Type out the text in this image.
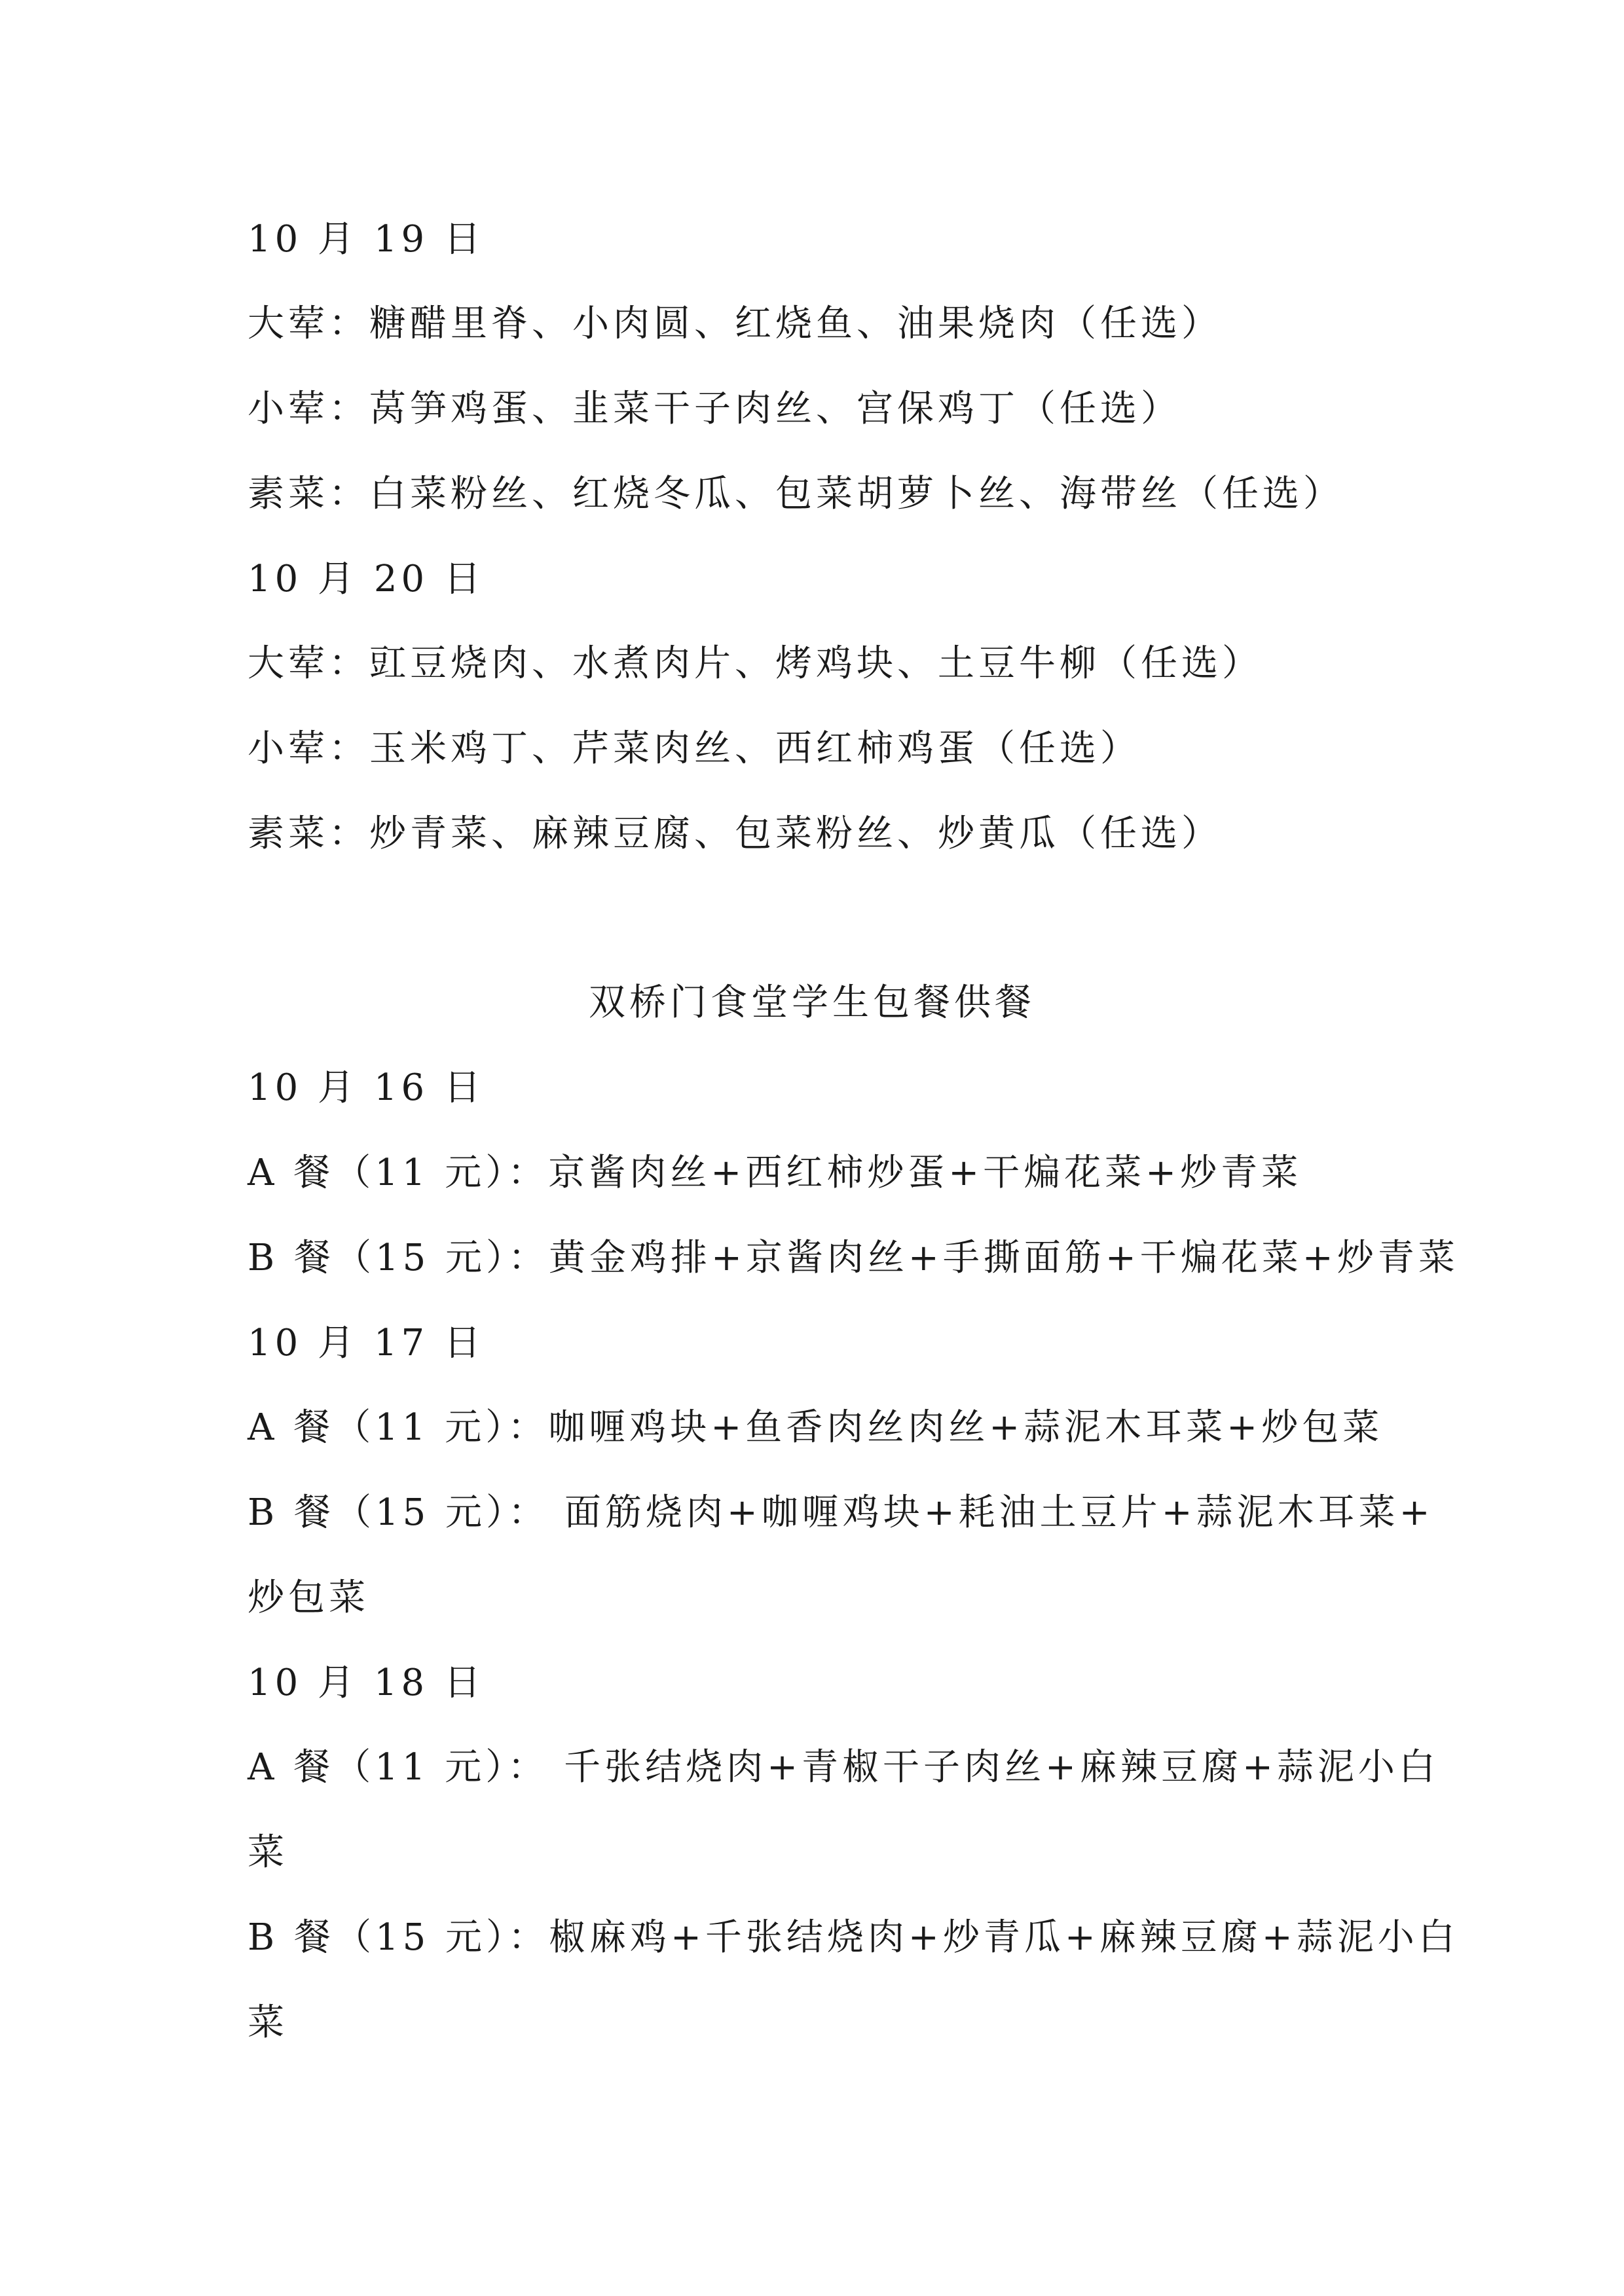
10 月 19 日
大荤：糖醋里脊、小肉圆、红烧鱼、油果烧肉（任选）
小荤：莴笋鸡蛋、韭菜干子肉丝、宫保鸡丁（任选）
素菜：白菜粉丝、红烧冬瓜、包菜胡萝卜丝、海带丝（任选）
10 月 20 日
大荤：豇豆烧肉、水煮肉片、烤鸡块、土豆牛柳（任选）
小荤：玉米鸡丁、芹菜肉丝、西红柿鸡蛋（任选）
素菜：炒青菜、麻辣豆腐、包菜粉丝、炒黄瓜（任选）
双桥门食堂学生包餐供餐
10 月 16 日
A 餐（11 元）：京酱肉丝+西红柿炒蛋+干煸花菜+炒青菜
B 餐（15 元）：黄金鸡排+京酱肉丝+手撕面筋+干煸花菜+炒青菜
10 月 17 日
A 餐（11 元）：咖喱鸡块+鱼香肉丝肉丝+蒜泥木耳菜+炒包菜
B 餐（15 元）： 面筋烧肉+咖喱鸡块+耗油土豆片+蒜泥木耳菜+
炒包菜
10 月 18 日
A 餐（11 元）： 千张结烧肉+青椒干子肉丝+麻辣豆腐+蒜泥小白
菜
B 餐（15 元）：椒麻鸡+千张结烧肉+炒青瓜+麻辣豆腐+蒜泥小白
菜
